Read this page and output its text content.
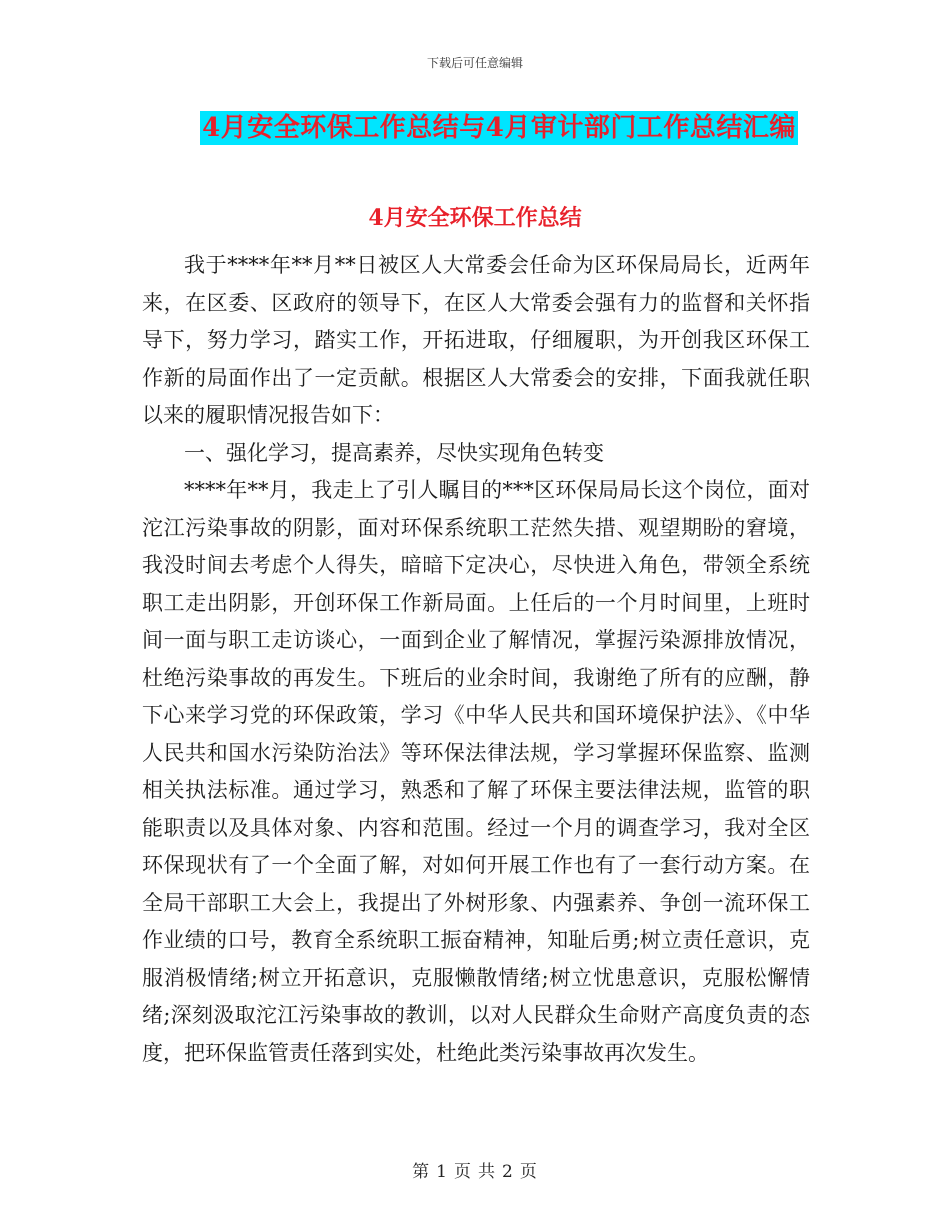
下载后可任意编辑
4月安全环保工作总结与4月审计部门工作总结汇编
4月安全环保工作总结

我于****年**月**日被区人大常委会任命为区环保局局长，近两年来，在区委、区政府的领导下，在区人大常委会强有力的监督和关怀指导下，努力学习，踏实工作，开拓进取，仔细履职，为开创我区环保工作新的局面作出了一定贡献。根据区人大常委会的安排，下面我就任职以来的履职情况报告如下：

一、强化学习，提高素养，尽快实现角色转变

****年**月，我走上了引人瞩目的***区环保局局长这个岗位，面对沱江污染事故的阴影，面对环保系统职工茫然失措、观望期盼的窘境，我没时间去考虑个人得失，暗暗下定决心，尽快进入角色，带领全系统职工走出阴影，开创环保工作新局面。上任后的一个月时间里，上班时间一面与职工走访谈心，一面到企业了解情况，掌握污染源排放情况，杜绝污染事故的再发生。下班后的业余时间，我谢绝了所有的应酬，静下心来学习党的环保政策，学习《中华人民共和国环境保护法》、《中华人民共和国水污染防治法》等环保法律法规，学习掌握环保监察、监测相关执法标准。通过学习，熟悉和了解了环保主要法律法规，监管的职能职责以及具体对象、内容和范围。经过一个月的调查学习，我对全区环保现状有了一个全面了解，对如何开展工作也有了一套行动方案。在全局干部职工大会上，我提出了外树形象、内强素养、争创一流环保工作业绩的口号，教育全系统职工振奋精神，知耻后勇;树立责任意识，克服消极情绪;树立开拓意识，克服懒散情绪;树立忧患意识，克服松懈情绪;深刻汲取沱江污染事故的教训，以对人民群众生命财产高度负责的态度，把环保监管责任落到实处，杜绝此类污染事故再次发生。

第 1 页 共 2 页
